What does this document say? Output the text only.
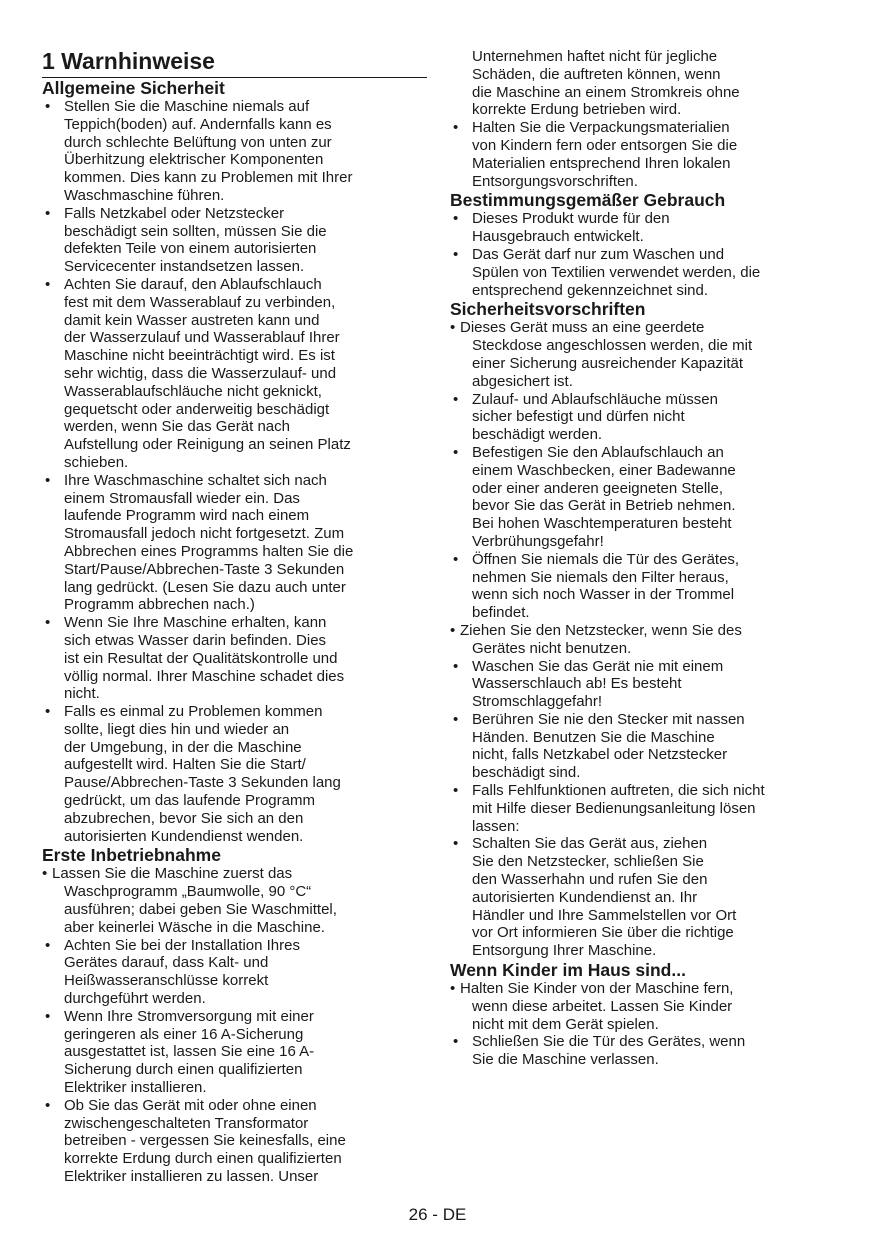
1 Warnhinweise
Allgemeine Sicherheit
• Stellen Sie die Maschine niemals auf
Teppich(boden) auf. Andernfalls kann es
durch schlechte Belüftung von unten zur
Überhitzung elektrischer Komponenten
kommen. Dies kann zu Problemen mit Ihrer
Waschmaschine führen.
• Falls Netzkabel oder Netzstecker
beschädigt sein sollten, müssen Sie die
defekten Teile von einem autorisierten
Servicecenter instandsetzen lassen.
• Achten Sie darauf, den Ablaufschlauch
fest mit dem Wasserablauf zu verbinden,
damit kein Wasser austreten kann und
der Wasserzulauf und Wasserablauf Ihrer
Maschine nicht beeinträchtigt wird. Es ist
sehr wichtig, dass die Wasserzulauf- und
Wasserablaufschläuche nicht geknickt,
gequetscht oder anderweitig beschädigt
werden, wenn Sie das Gerät nach
Aufstellung oder Reinigung an seinen Platz
schieben.
• Ihre Waschmaschine schaltet sich nach
einem Stromausfall wieder ein. Das
laufende Programm wird nach einem
Stromausfall jedoch nicht fortgesetzt. Zum
Abbrechen eines Programms halten Sie die
Start/Pause/Abbrechen-Taste 3 Sekunden
lang gedrückt. (Lesen Sie dazu auch unter
Programm abbrechen nach.)
• Wenn Sie Ihre Maschine erhalten, kann
sich etwas Wasser darin befinden. Dies
ist ein Resultat der Qualitätskontrolle und
völlig normal. Ihrer Maschine schadet dies
nicht.
• Falls es einmal zu Problemen kommen
sollte, liegt dies hin und wieder an
der Umgebung, in der die Maschine
aufgestellt wird. Halten Sie die Start/
Pause/Abbrechen-Taste 3 Sekunden lang
gedrückt, um das laufende Programm
abzubrechen, bevor Sie sich an den
autorisierten Kundendienst wenden.
Erste Inbetriebnahme
• Lassen Sie die Maschine zuerst das
Waschprogramm „Baumwolle, 90 °C“
ausführen; dabei geben Sie Waschmittel,
aber keinerlei Wäsche in die Maschine.
• Achten Sie bei der Installation Ihres
Gerätes darauf, dass Kalt- und
Heißwasseranschlüsse korrekt
durchgeführt werden.
• Wenn Ihre Stromversorgung mit einer
geringeren als einer 16 A-Sicherung
ausgestattet ist, lassen Sie eine 16 A-
Sicherung durch einen qualifizierten
Elektriker installieren.
• Ob Sie das Gerät mit oder ohne einen
zwischengeschalteten Transformator
betreiben - vergessen Sie keinesfalls, eine
korrekte Erdung durch einen qualifizierten
Elektriker installieren zu lassen. Unser
Unternehmen haftet nicht für jegliche
Schäden, die auftreten können, wenn
die Maschine an einem Stromkreis ohne
korrekte Erdung betrieben wird.
• Halten Sie die Verpackungsmaterialien
von Kindern fern oder entsorgen Sie die
Materialien entsprechend Ihren lokalen
Entsorgungsvorschriften.
Bestimmungsgemäßer Gebrauch
• Dieses Produkt wurde für den
Hausgebrauch entwickelt.
• Das Gerät darf nur zum Waschen und
Spülen von Textilien verwendet werden, die
entsprechend gekennzeichnet sind.
Sicherheitsvorschriften
• Dieses Gerät muss an eine geerdete
Steckdose angeschlossen werden, die mit
einer Sicherung ausreichender Kapazität
abgesichert ist.
• Zulauf- und Ablaufschläuche müssen
sicher befestigt und dürfen nicht
beschädigt werden.
• Befestigen Sie den Ablaufschlauch an
einem Waschbecken, einer Badewanne
oder einer anderen geeigneten Stelle,
bevor Sie das Gerät in Betrieb nehmen.
Bei hohen Waschtemperaturen besteht
Verbrühungsgefahr!
• Öffnen Sie niemals die Tür des Gerätes,
nehmen Sie niemals den Filter heraus,
wenn sich noch Wasser in der Trommel
befindet.
• Ziehen Sie den Netzstecker, wenn Sie des
Gerätes nicht benutzen.
• Waschen Sie das Gerät nie mit einem
Wasserschlauch ab! Es besteht
Stromschlaggefahr!
• Berühren Sie nie den Stecker mit nassen
Händen. Benutzen Sie die Maschine
nicht, falls Netzkabel oder Netzstecker
beschädigt sind.
• Falls Fehlfunktionen auftreten, die sich nicht
mit Hilfe dieser Bedienungsanleitung lösen
lassen:
• Schalten Sie das Gerät aus, ziehen
Sie den Netzstecker, schließen Sie
den Wasserhahn und rufen Sie den
autorisierten Kundendienst an. Ihr
Händler und Ihre Sammelstellen vor Ort
vor Ort informieren Sie über die richtige
Entsorgung Ihrer Maschine.
Wenn Kinder im Haus sind...
• Halten Sie Kinder von der Maschine fern,
wenn diese arbeitet. Lassen Sie Kinder
nicht mit dem Gerät spielen.
• Schließen Sie die Tür des Gerätes, wenn
Sie die Maschine verlassen.
26 - DE
